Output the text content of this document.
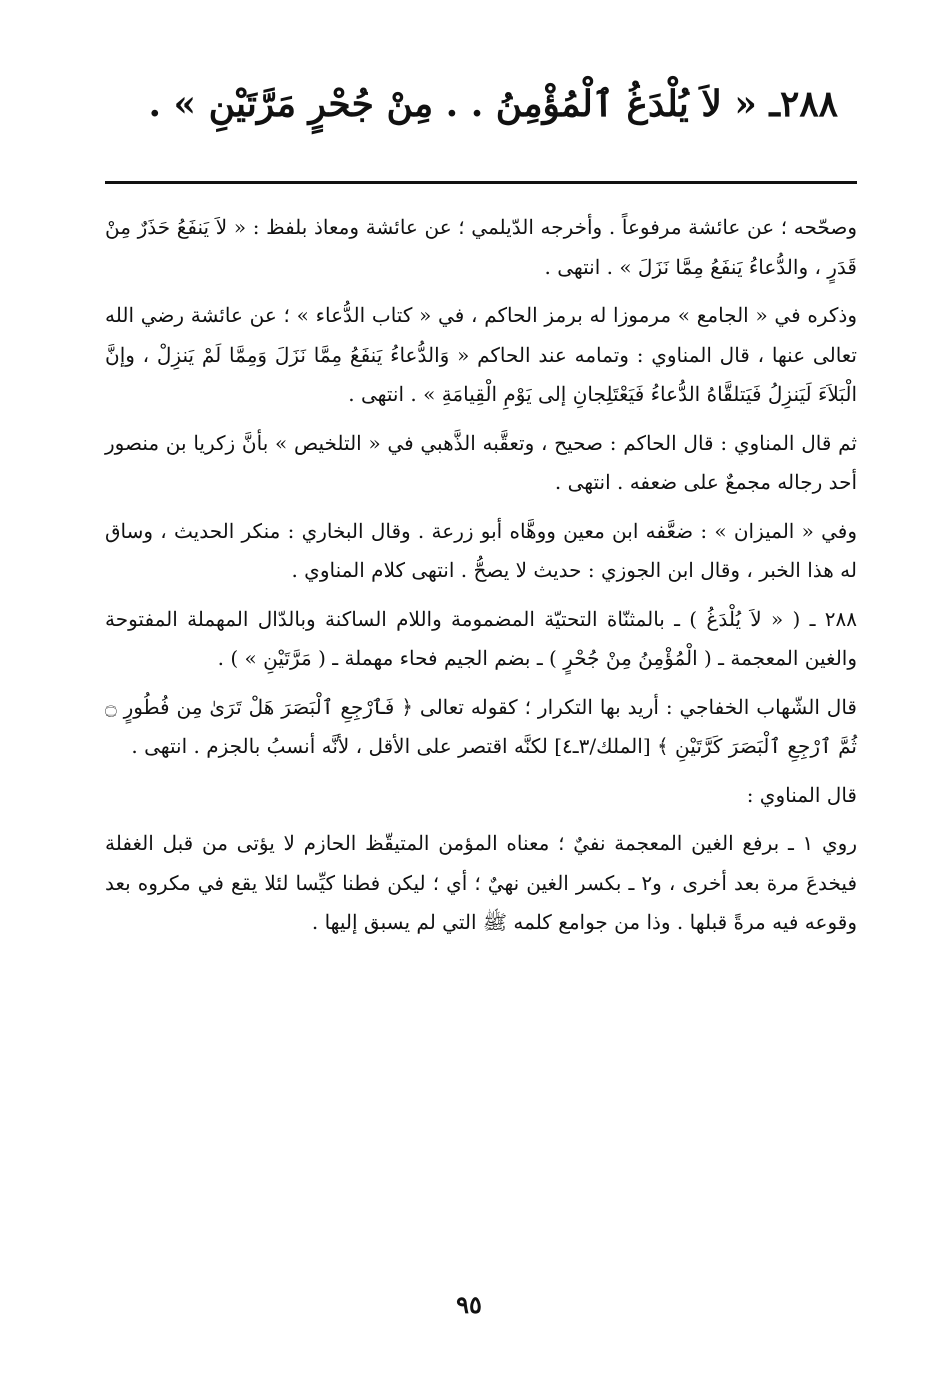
٢٨٨ـ « لاَ يُلْدَغُ ٱلْمُؤْمِنُ . . مِنْ جُحْرٍ مَرَّتَيْنِ » .

وصحّحه ؛ عن عائشة مرفوعاً . وأخرجه الدّيلمي ؛ عن عائشة ومعاذ بلفظ : « لاَ يَنفَعُ حَذَرٌ مِنْ قَدَرٍ ، والدُّعاءُ يَنفَعُ مِمَّا نَزَلَ » . انتهى .

وذكره في « الجامع » مرموزا له برمز الحاكم ، في « كتاب الدُّعاء » ؛ عن عائشة رضي الله تعالى عنها ، قال المناوي : وتمامه عند الحاكم « وَالدُّعاءُ يَنفَعُ مِمَّا نَزَلَ وَمِمَّا لَمْ يَنزِلْ ، وإنَّ الْبَلاَءَ لَيَنزِلُ فَيَتلقَّاهُ الدُّعاءُ فَيَعْتَلِجانِ إلى يَوْمِ الْقِيامَةِ » . انتهى .

ثم قال المناوي : قال الحاكم : صحيح ، وتعقَّبه الذَّهبي في « التلخيص » بأنَّ زكريا بن منصور أحد رجاله مجمعٌ على ضعفه . انتهى .

وفي « الميزان » : ضعَّفه ابن معين ووهَّاه أبو زرعة . وقال البخاري : منكر الحديث ، وساق له هذا الخبر ، وقال ابن الجوزي : حديث لا يصحُّ . انتهى كلام المناوي .

٢٨٨ ـ ( « لاَ يُلْدَغُ ) ـ بالمثنّاة التحتيّة المضمومة واللام الساكنة وبالدّال المهملة المفتوحة والغين المعجمة ـ ( الْمُؤْمِنُ مِنْ جُحْرٍ ) ـ بضم الجيم فحاء مهملة ـ ( مَرَّتَيْنِ » ) .

قال الشّهاب الخفاجي : أريد بها التكرار ؛ كقوله تعالى ﴿ فَٱرْجِعِ ٱلْبَصَرَ هَلْ تَرَىٰ مِن فُطُورٍ ۝ ثُمَّ ٱرْجِعِ ٱلْبَصَرَ كَرَّتَيْنِ ﴾ [الملك/٣ـ٤] لكنَّه اقتصر على الأقل ، لأنَّه أنسبُ بالجزم . انتهى .

قال المناوي :

روي ١ ـ برفع الغين المعجمة نفيٌ ؛ معناه المؤمن المتيقّظ الحازم لا يؤتى من قبل الغفلة فيخدعَ مرة بعد أخرى ، و٢ ـ بكسر الغين نهيٌ ؛ أي ؛ ليكن فطنا كيِّسا لئلا يقع في مكروه بعد وقوعه فيه مرةً قبلها . وذا من جوامع كلمه ﷺ التي لم يسبق إليها .

٩٥
